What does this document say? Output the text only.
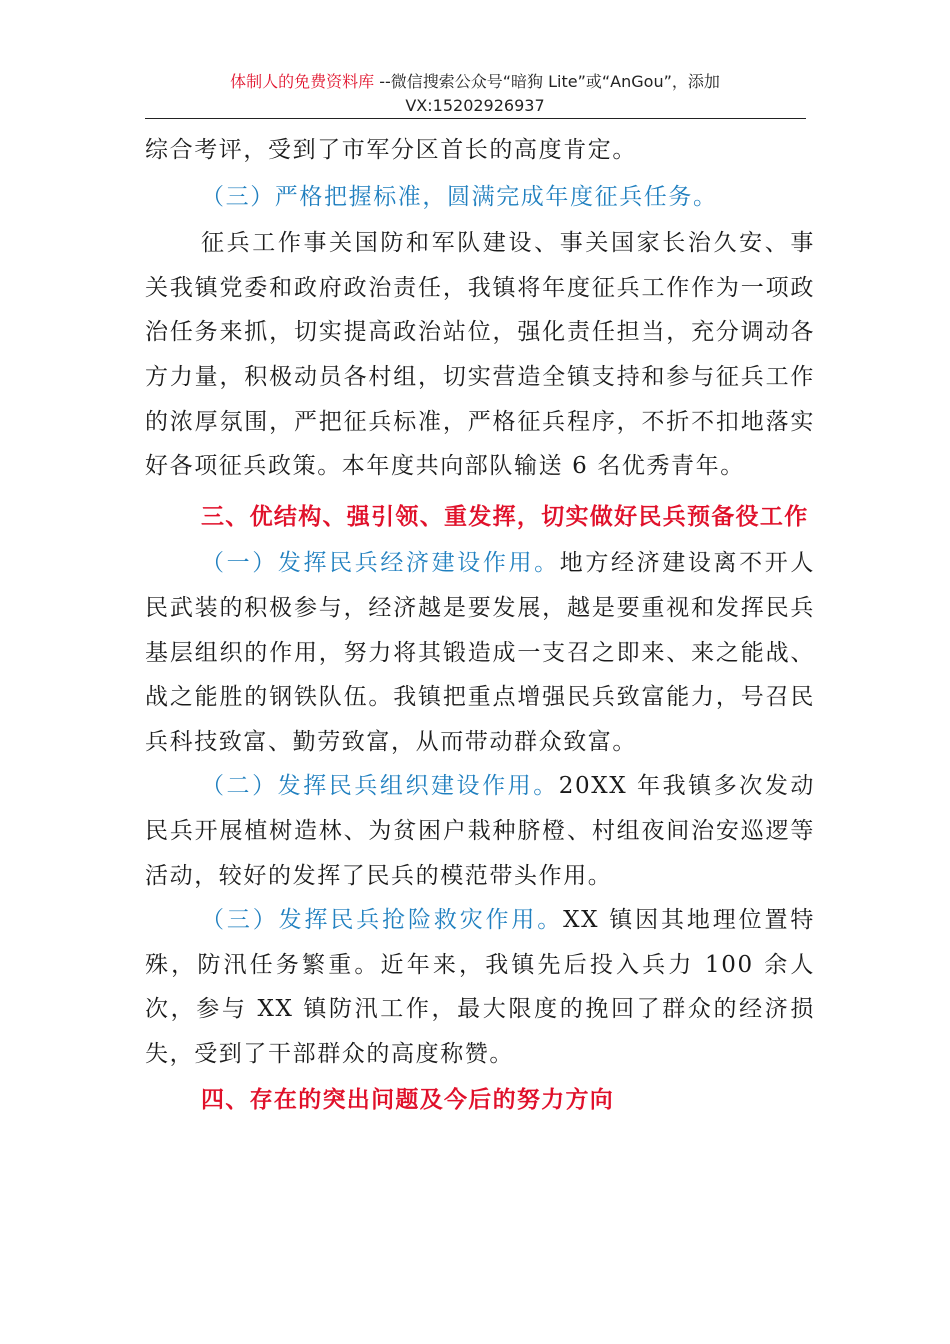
体制人的免费资料库 --微信搜索公众号“暗狗 Lite”或“AnGou”，添加
VX:15202926937

综合考评，受到了市军分区首长的高度肯定。

（三）严格把握标准，圆满完成年度征兵任务。

征兵工作事关国防和军队建设、事关国家长治久安、事关我镇党委和政府政治责任，我镇将年度征兵工作作为一项政治任务来抓，切实提高政治站位，强化责任担当，充分调动各方力量，积极动员各村组，切实营造全镇支持和参与征兵工作的浓厚氛围，严把征兵标准，严格征兵程序，不折不扣地落实好各项征兵政策。本年度共向部队输送 6 名优秀青年。

三、优结构、强引领、重发挥，切实做好民兵预备役工作

（一）发挥民兵经济建设作用。地方经济建设离不开人民武装的积极参与，经济越是要发展，越是要重视和发挥民兵基层组织的作用，努力将其锻造成一支召之即来、来之能战、战之能胜的钢铁队伍。我镇把重点增强民兵致富能力，号召民兵科技致富、勤劳致富，从而带动群众致富。

（二）发挥民兵组织建设作用。20XX 年我镇多次发动民兵开展植树造林、为贫困户栽种脐橙、村组夜间治安巡逻等活动，较好的发挥了民兵的模范带头作用。

（三）发挥民兵抢险救灾作用。XX 镇因其地理位置特殊，防汛任务繁重。近年来，我镇先后投入兵力 100 余人次，参与 XX 镇防汛工作，最大限度的挽回了群众的经济损失，受到了干部群众的高度称赞。

四、存在的突出问题及今后的努力方向
